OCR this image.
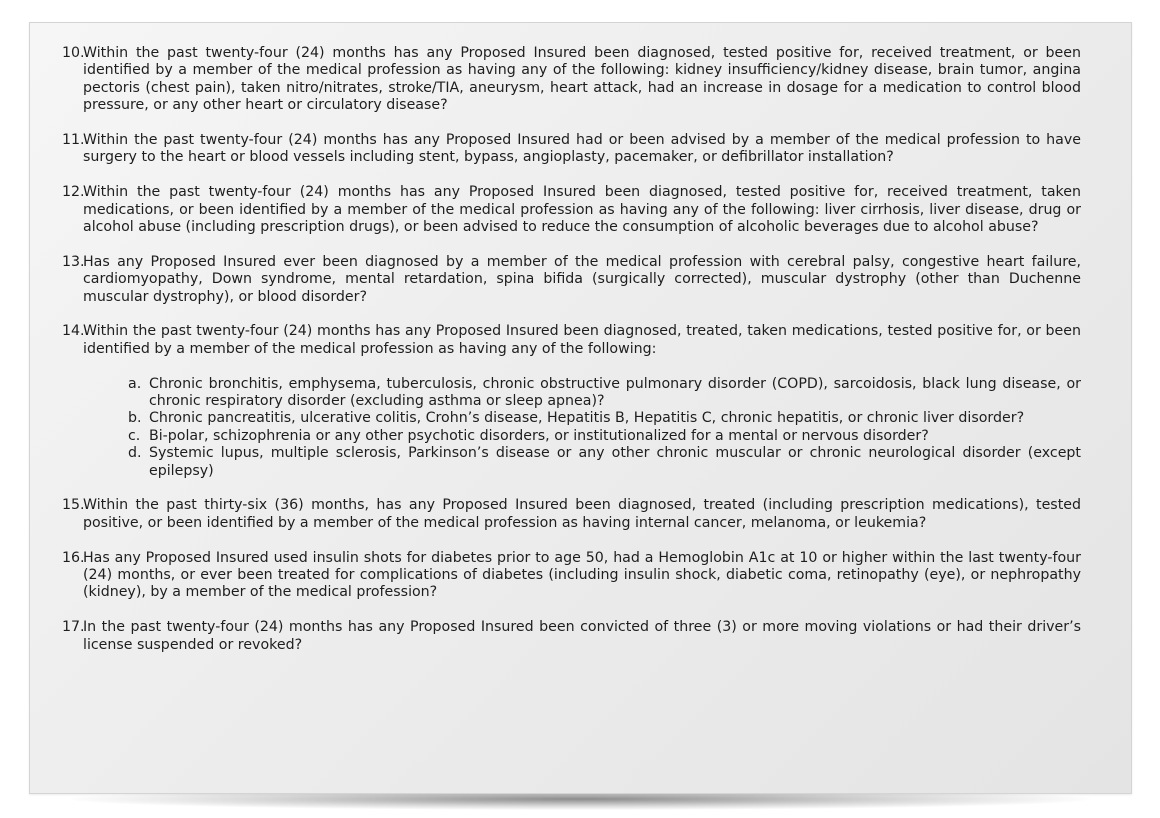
10.
Within the past twenty-four (24) months has any Proposed Insured been diagnosed, tested positive for, received treatment, or been identified by a member of the medical profession as having any of the following: kidney insufficiency/kidney disease, brain tumor, angina pectoris (chest pain), taken nitro/nitrates, stroke/TIA, aneurysm, heart attack, had an increase in dosage for a medication to control blood pressure, or any other heart or circulatory disease?
11.
Within the past twenty-four (24) months has any Proposed Insured had or been advised by a member of the medical profession to have surgery to the heart or blood vessels including stent, bypass, angioplasty, pacemaker, or defibrillator installation?
12.
Within the past twenty-four (24) months has any Proposed Insured been diagnosed, tested positive for, received treatment, taken medications, or been identified by a member of the medical profession as having any of the following: liver cirrhosis, liver disease, drug or alcohol abuse (including prescription drugs), or been advised to reduce the consumption of alcoholic beverages due to alcohol abuse?
13.
Has any Proposed Insured ever been diagnosed by a member of the medical profession with cerebral palsy, congestive heart failure, cardiomyopathy, Down syndrome, mental retardation, spina bifida (surgically corrected), muscular dystrophy (other than Duchenne muscular dystrophy), or blood disorder?
14.
Within the past twenty-four (24) months has any Proposed Insured been diagnosed, treated, taken medications, tested positive for, or been identified by a member of the medical profession as having any of the following:
a. Chronic bronchitis, emphysema, tuberculosis, chronic obstructive pulmonary disorder (COPD), sarcoidosis, black lung disease, or chronic respiratory disorder (excluding asthma or sleep apnea)?
b. Chronic pancreatitis, ulcerative colitis, Crohn’s disease, Hepatitis B, Hepatitis C, chronic hepatitis, or chronic liver disorder?
c. Bi-polar, schizophrenia or any other psychotic disorders, or institutionalized for a mental or nervous disorder?
d. Systemic lupus, multiple sclerosis, Parkinson’s disease or any other chronic muscular or chronic neurological disorder (except epilepsy)
15.
Within the past thirty-six (36) months, has any Proposed Insured been diagnosed, treated (including prescription medications), tested positive, or been identified by a member of the medical profession as having internal cancer, melanoma, or leukemia?
16.
Has any Proposed Insured used insulin shots for diabetes prior to age 50, had a Hemoglobin A1c at 10 or higher within the last twenty-four (24) months, or ever been treated for complications of diabetes (including insulin shock, diabetic coma, retinopathy (eye), or nephropathy (kidney), by a member of the medical profession?
17.
In the past twenty-four (24) months has any Proposed Insured been convicted of three (3) or more moving violations or had their driver’s license suspended or revoked?
